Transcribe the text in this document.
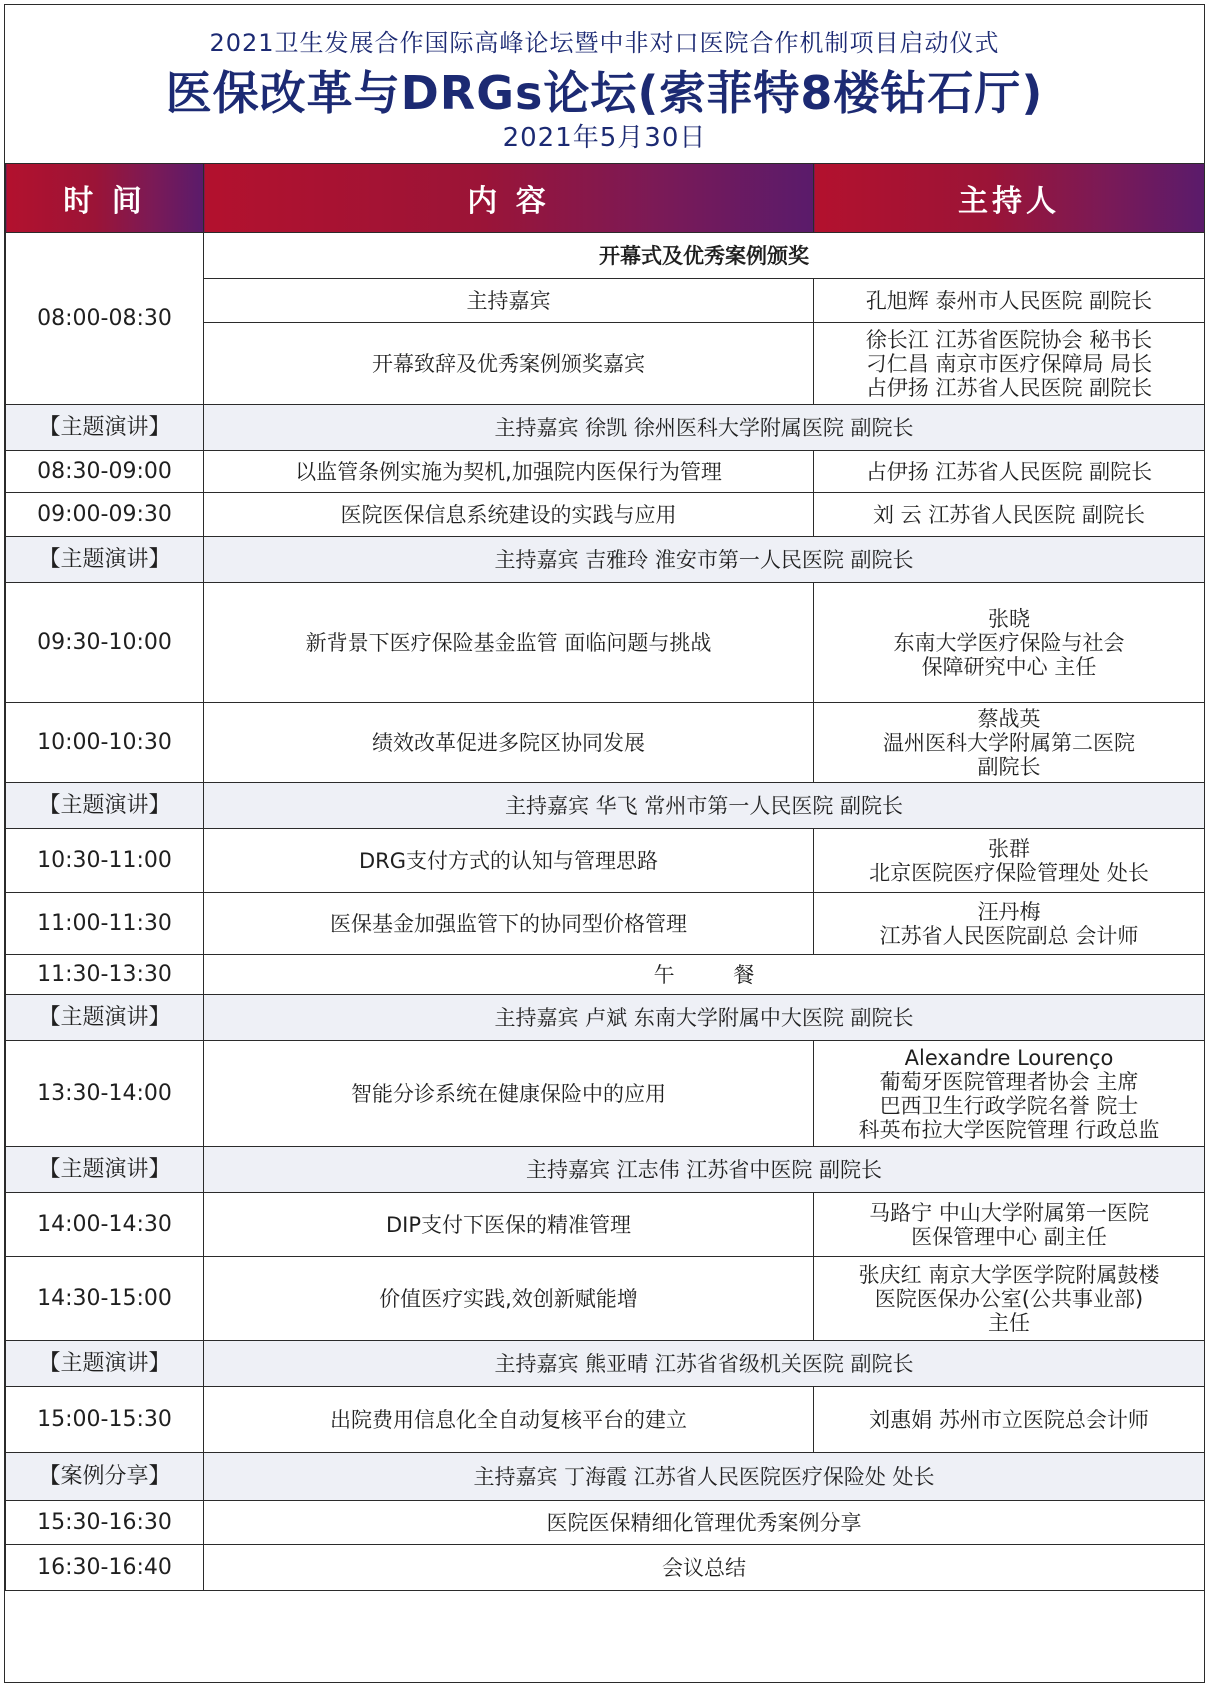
2021卫生发展合作国际高峰论坛暨中非对口医院合作机制项目启动仪式
医保改革与DRGs论坛(索菲特8楼钻石厅)
2021年5月30日
时 间	内 容	主持人
08:00-08:30	开幕式及优秀案例颁奖	
	主持嘉宾	孔旭辉 泰州市人民医院 副院长
	开幕致辞及优秀案例颁奖嘉宾	徐长江 江苏省医院协会 秘书长
刁仁昌 南京市医疗保障局 局长
占伊扬 江苏省人民医院 副院长

【主题演讲】	主持嘉宾 徐凯 徐州医科大学附属医院 副院长	
08:30-09:00	以监管条例实施为契机,加强院内医保行为管理	占伊扬 江苏省人民医院 副院长
09:00-09:30	医院医保信息系统建设的实践与应用	刘 云 江苏省人民医院 副院长
【主题演讲】	主持嘉宾 吉雅玲 淮安市第一人民医院 副院长	
09:30-10:00	新背景下医疗保险基金监管 面临问题与挑战	张晓
东南大学医疗保险与社会
保障研究中心 主任

10:00-10:30	绩效改革促进多院区协同发展	蔡战英
温州医科大学附属第二医院
副院长

【主题演讲】	主持嘉宾 华飞 常州市第一人民医院 副院长	
10:30-11:00	DRG支付方式的认知与管理思路	张群
北京医院医疗保险管理处 处长

11:00-11:30	医保基金加强监管下的协同型价格管理	汪丹梅
江苏省人民医院副总 会计师

11:30-13:30	午 餐	
【主题演讲】	主持嘉宾 卢斌 东南大学附属中大医院 副院长	
13:30-14:00	智能分诊系统在健康保险中的应用	Alexandre Lourenço
葡萄牙医院管理者协会 主席
巴西卫生行政学院名誉 院士
科英布拉大学医院管理 行政总监

【主题演讲】	主持嘉宾 江志伟 江苏省中医院 副院长	
14:00-14:30	DIP支付下医保的精准管理	马路宁 中山大学附属第一医院
医保管理中心 副主任

14:30-15:00	价值医疗实践,效创新赋能增	张庆红 南京大学医学院附属鼓楼
医院医保办公室(公共事业部)
主任

【主题演讲】	主持嘉宾 熊亚晴 江苏省省级机关医院 副院长	
15:00-15:30	出院费用信息化全自动复核平台的建立	刘惠娟 苏州市立医院总会计师
【案例分享】	主持嘉宾 丁海霞 江苏省人民医院医疗保险处 处长	
15:30-16:30	医院医保精细化管理优秀案例分享	
16:30-16:40	会议总结	
